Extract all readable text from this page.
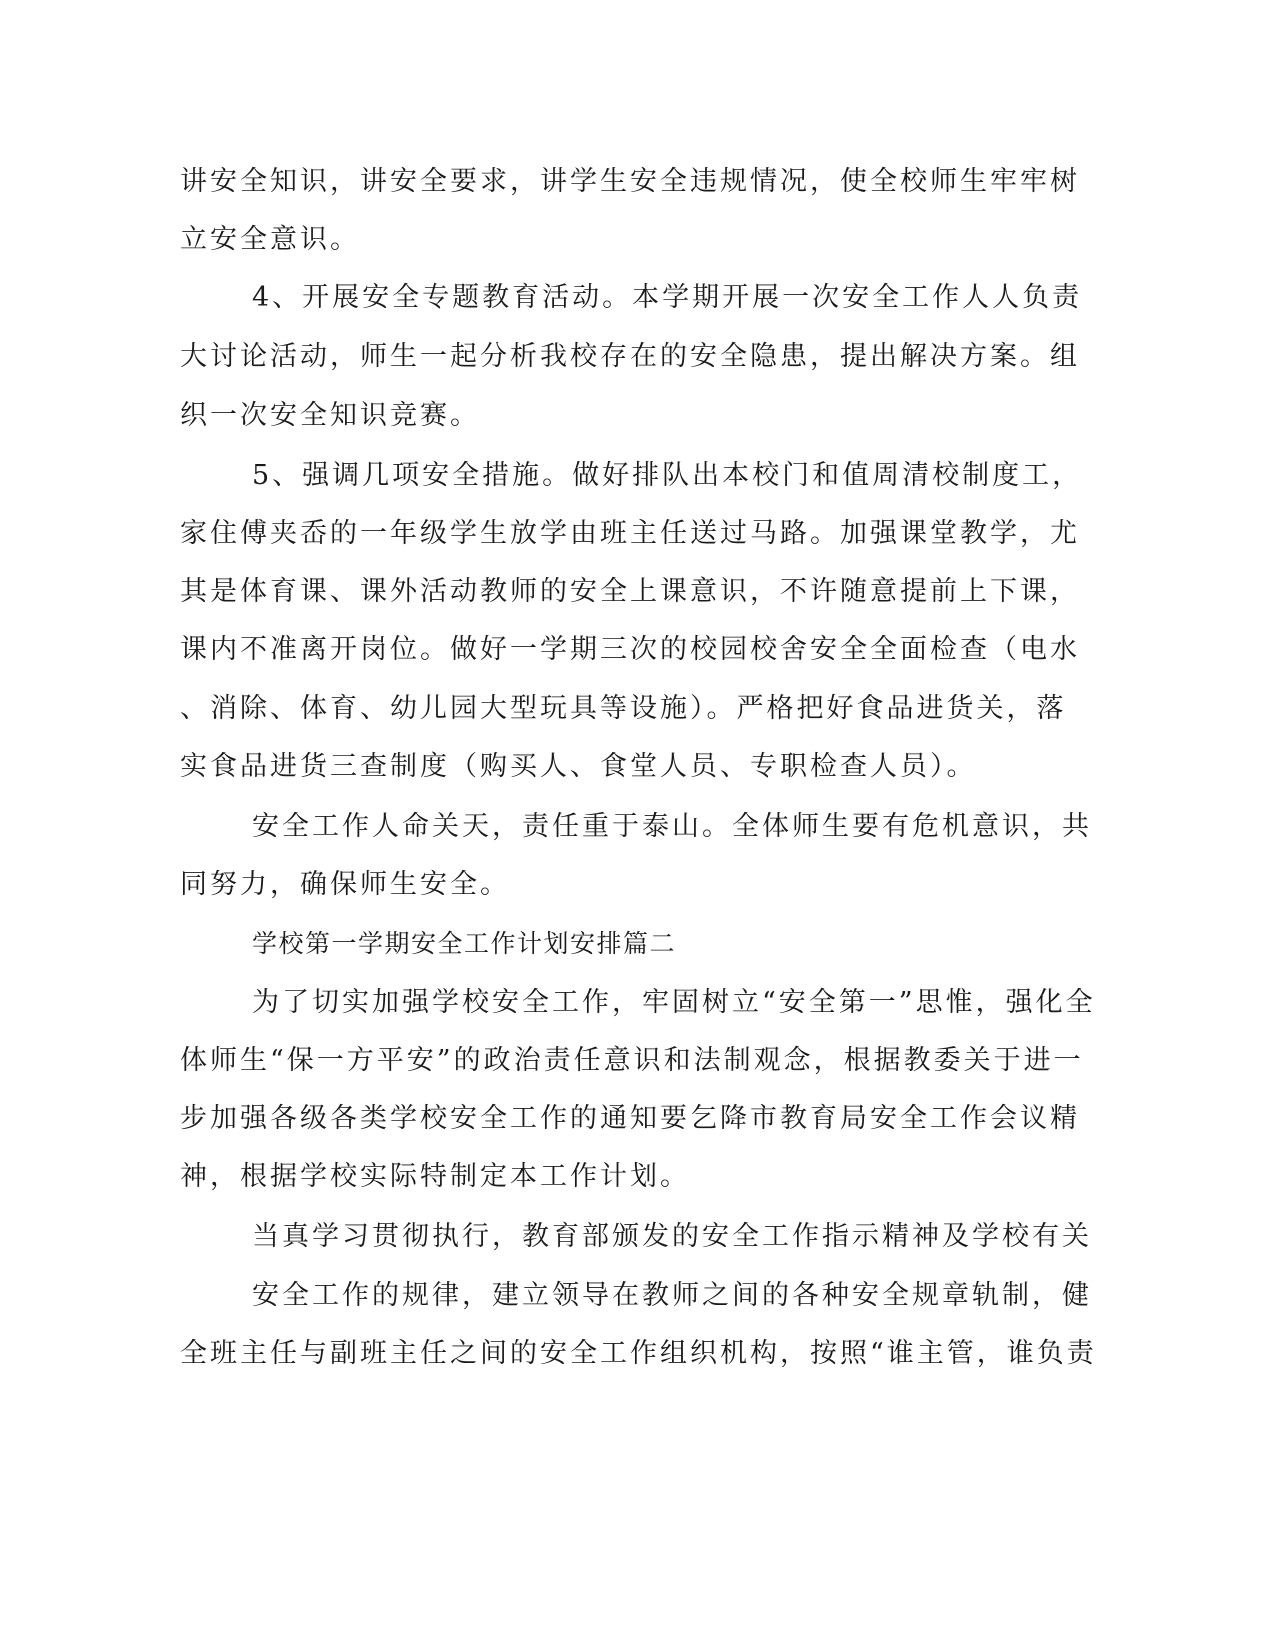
讲安全知识，讲安全要求，讲学生安全违规情况，使全校师生牢牢树
立安全意识。
4、开展安全专题教育活动。本学期开展一次安全工作人人负责
大讨论活动，师生一起分析我校存在的安全隐患，提出解决方案。组
织一次安全知识竞赛。
5、强调几项安全措施。做好排队出本校门和值周清校制度工，
家住傅夹岙的一年级学生放学由班主任送过马路。加强课堂教学，尤
其是体育课、课外活动教师的安全上课意识，不许随意提前上下课，
课内不准离开岗位。做好一学期三次的校园校舍安全全面检查（电水
、消除、体育、幼儿园大型玩具等设施）。严格把好食品进货关，落
实食品进货三查制度（购买人、食堂人员、专职检查人员）。
安全工作人命关天，责任重于泰山。全体师生要有危机意识，共
同努力，确保师生安全。
学校第一学期安全工作计划安排篇二
为了切实加强学校安全工作，牢固树立“安全第一”思惟，强化全
体师生“保一方平安”的政治责任意识和法制观念，根据教委关于进一
步加强各级各类学校安全工作的通知要乞降市教育局安全工作会议精
神，根据学校实际特制定本工作计划。
当真学习贯彻执行，教育部颁发的安全工作指示精神及学校有关
安全工作的规律，建立领导在教师之间的各种安全规章轨制，健
全班主任与副班主任之间的安全工作组织机构，按照“谁主管，谁负责
